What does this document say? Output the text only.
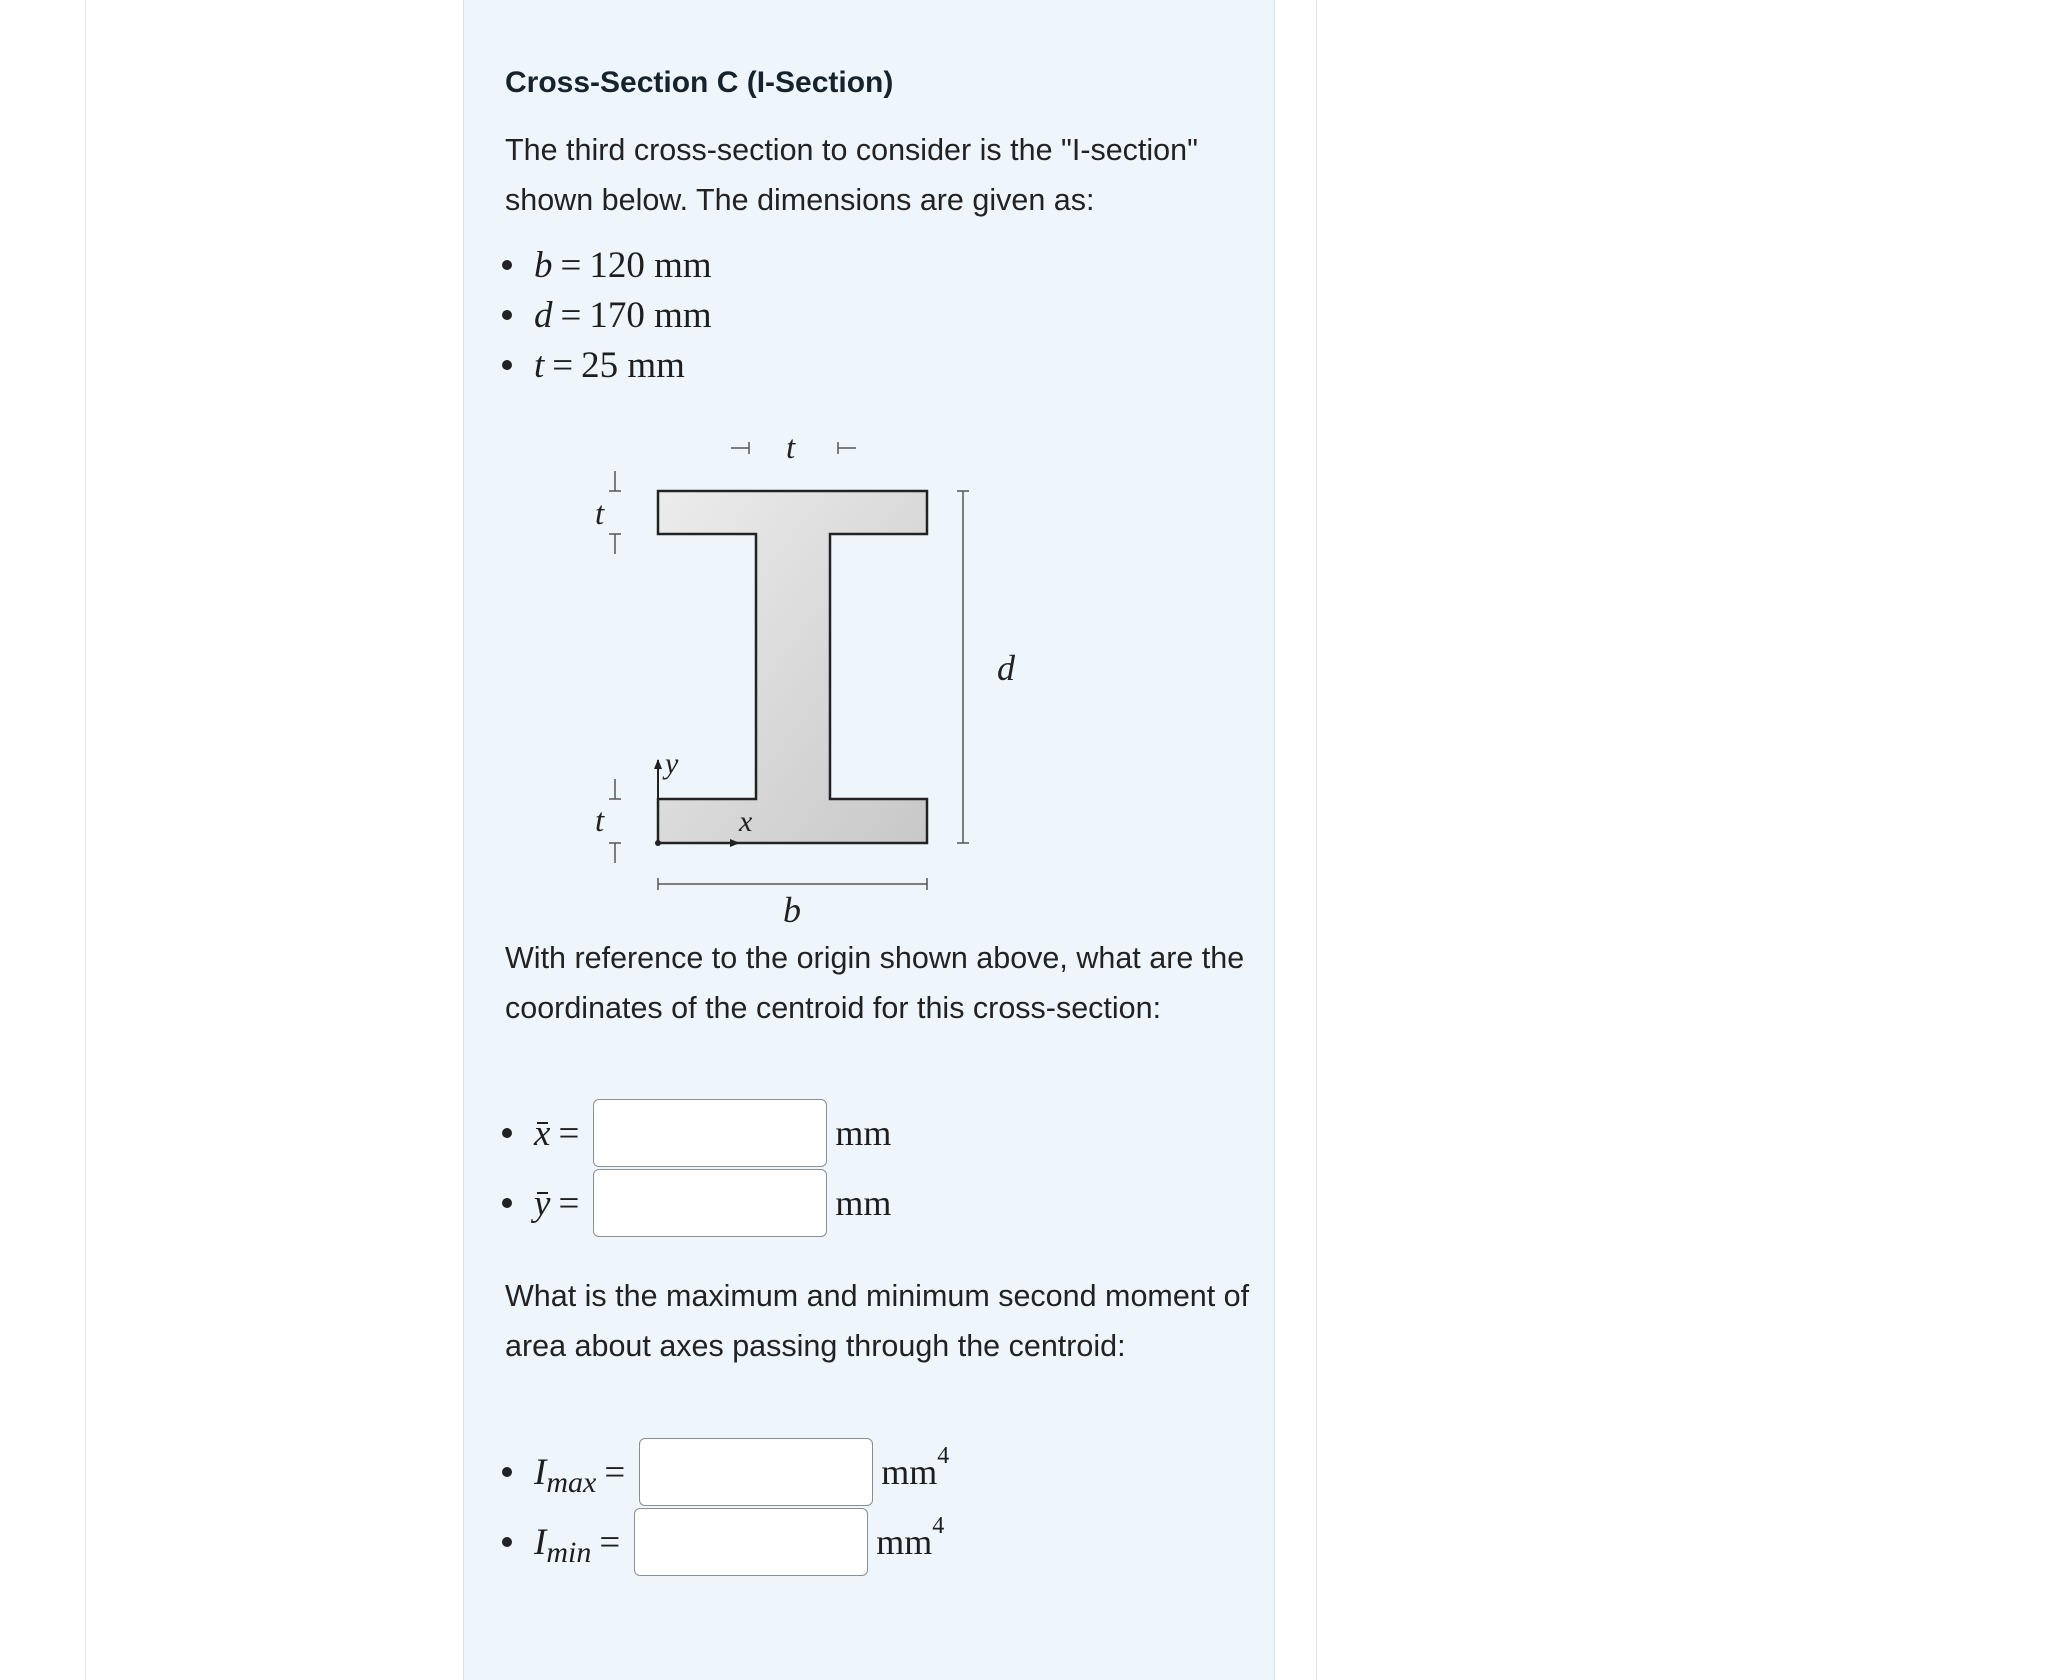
Cross-Section C (I-Section)
The third cross-section to consider is the "I-section" shown below. The dimensions are given as:
b = 120 mm
d = 170 mm
t = 25 mm
t
t
t
d
b
x
y
With reference to the origin shown above, what are the coordinates of the centroid for this cross-section:
x =	mm
y =	mm
What is the maximum and minimum second moment of area about axes passing through the centroid:
I max =	$mm^4$
I min =	$mm^4$
